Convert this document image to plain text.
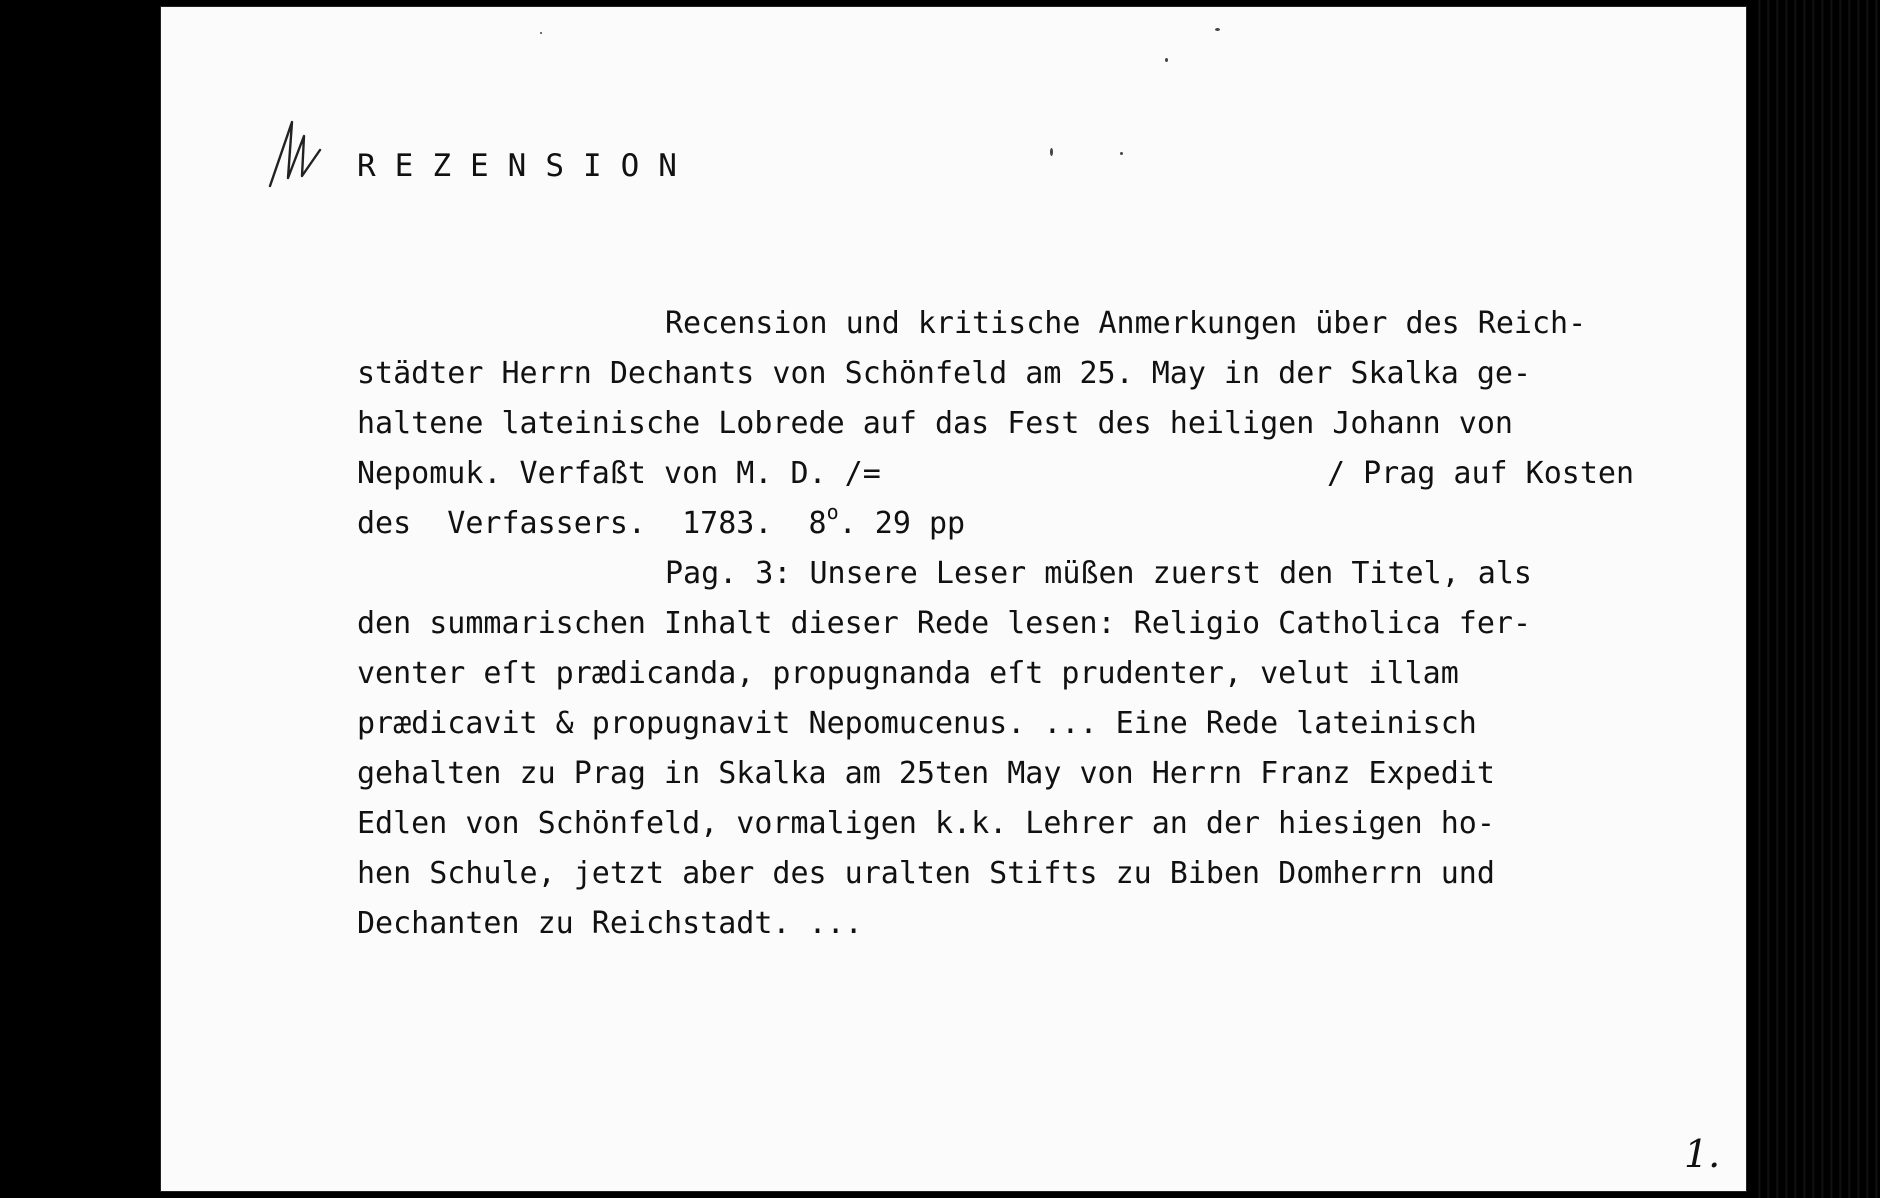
REZENSION
Recension und kritische Anmerkungen über des Reich-
städter Herrn Dechants von Schönfeld am 25. May in der Skalka ge-
haltene lateinische Lobrede auf das Fest des heiligen Johann von
Nepomuk. Verfaßt von M. D. /=	/ Prag auf Kosten
des  Verfassers.  1783.  8$^o$. 29 pp
Pag. 3: Unsere Leser müßen zuerst den Titel, als
den summarischen Inhalt dieser Rede lesen: Religio Catholica fer-
venter eſt prædicanda, propugnanda eſt prudenter, velut illam
prædicavit & propugnavit Nepomucenus. ... Eine Rede lateinisch
gehalten zu Prag in Skalka am 25ten May von Herrn Franz Expedit
Edlen von Schönfeld, vormaligen k.k. Lehrer an der hiesigen ho-
hen Schule, jetzt aber des uralten Stifts zu Biben Domherrn und
Dechanten zu Reichstadt. ...
1.
